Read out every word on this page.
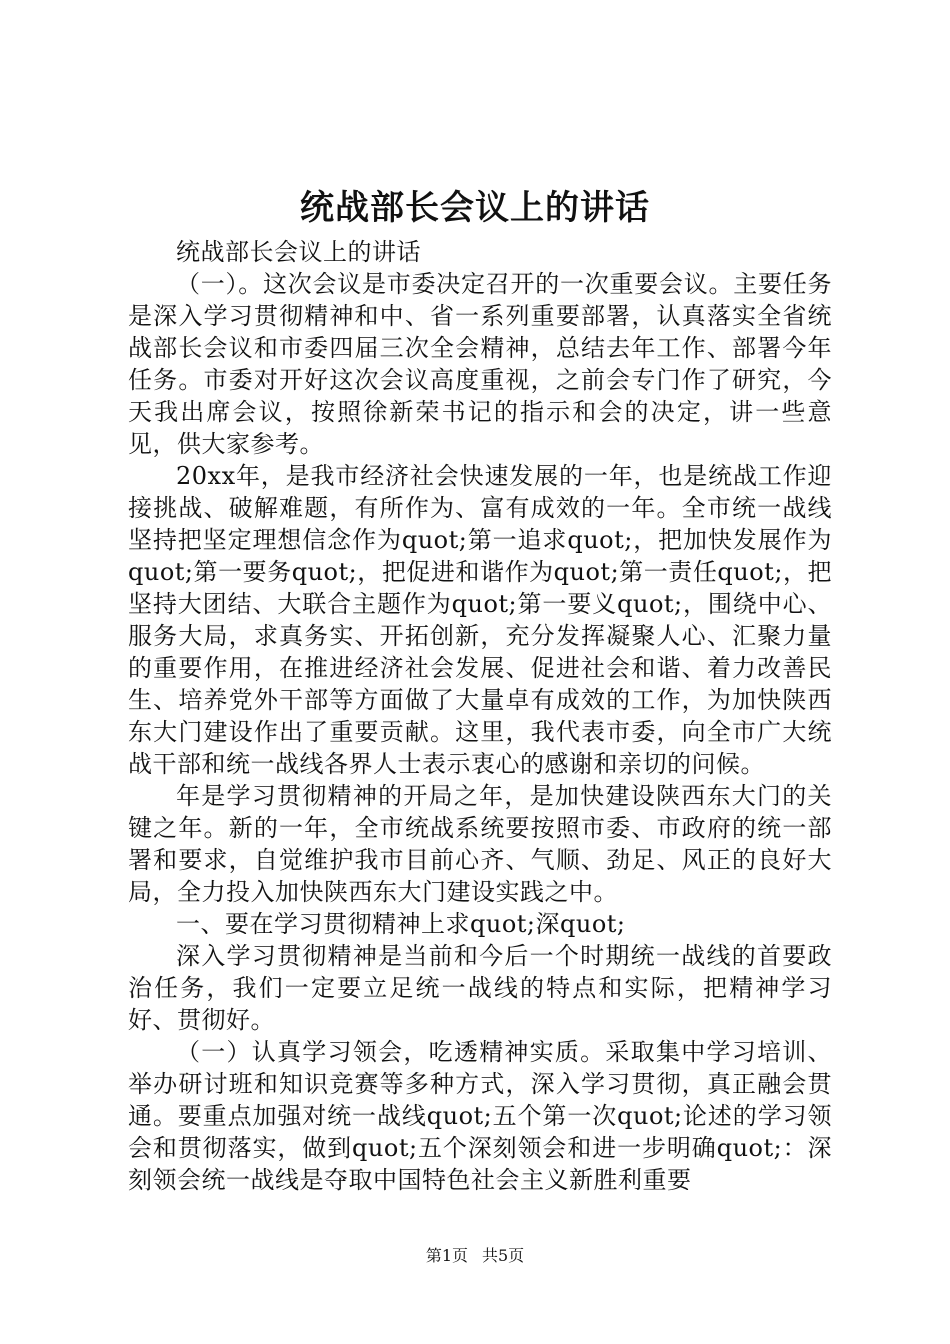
统战部长会议上的讲话

统战部长会议上的讲话

（一）。这次会议是市委决定召开的一次重要会议。主要任务是深入学习贯彻精神和中、省一系列重要部署，认真落实全省统战部长会议和市委四届三次全会精神，总结去年工作、部署今年任务。市委对开好这次会议高度重视，之前会专门作了研究，今天我出席会议，按照徐新荣书记的指示和会的决定，讲一些意见，供大家参考。

20xx年，是我市经济社会快速发展的一年，也是统战工作迎接挑战、破解难题，有所作为、富有成效的一年。全市统一战线坚持把坚定理想信念作为quot;第一追求quot;，把加快发展作为quot;第一要务quot;，把促进和谐作为quot;第一责任quot;，把坚持大团结、大联合主题作为quot;第一要义quot;，围绕中心、服务大局，求真务实、开拓创新，充分发挥凝聚人心、汇聚力量的重要作用，在推进经济社会发展、促进社会和谐、着力改善民生、培养党外干部等方面做了大量卓有成效的工作，为加快陕西东大门建设作出了重要贡献。这里，我代表市委，向全市广大统战干部和统一战线各界人士表示衷心的感谢和亲切的问候。

年是学习贯彻精神的开局之年，是加快建设陕西东大门的关键之年。新的一年，全市统战系统要按照市委、市政府的统一部署和要求，自觉维护我市目前心齐、气顺、劲足、风正的良好大局，全力投入加快陕西东大门建设实践之中。

一、要在学习贯彻精神上求quot;深quot;

深入学习贯彻精神是当前和今后一个时期统一战线的首要政治任务，我们一定要立足统一战线的特点和实际，把精神学习好、贯彻好。

（一）认真学习领会，吃透精神实质。采取集中学习培训、举办研讨班和知识竞赛等多种方式，深入学习贯彻，真正融会贯通。要重点加强对统一战线quot;五个第一次quot;论述的学习领会和贯彻落实，做到quot;五个深刻领会和进一步明确quot;：深刻领会统一战线是夺取中国特色社会主义新胜利重要

第1页 共5页
